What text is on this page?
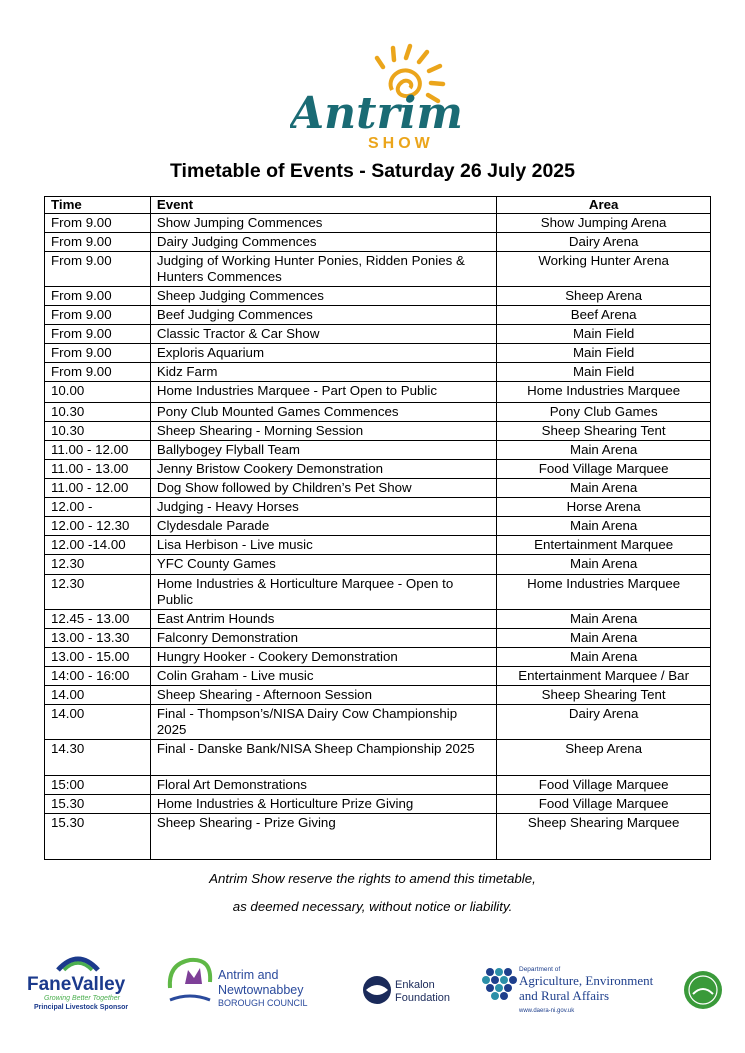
Antrim
SHOW
Timetable of Events - Saturday 26 July 2025
Time	Event	Area
From 9.00	Show Jumping Commences	Show Jumping Arena
From 9.00	Dairy Judging Commences	Dairy Arena
From 9.00	Judging of Working Hunter Ponies, Ridden Ponies & Hunters Commences	Working Hunter Arena
From 9.00	Sheep Judging Commences	Sheep Arena
From 9.00	Beef Judging Commences	Beef Arena
From 9.00	Classic Tractor & Car Show	Main Field
From 9.00	Exploris Aquarium	Main Field
From 9.00	Kidz Farm	Main Field
10.00	Home Industries Marquee - Part Open to Public	Home Industries Marquee
10.30	Pony Club Mounted Games Commences	Pony Club Games
10.30	Sheep Shearing - Morning Session	Sheep Shearing Tent
11.00 - 12.00	Ballybogey Flyball Team	Main Arena
11.00 - 13.00	Jenny Bristow Cookery Demonstration	Food Village Marquee
11.00 - 12.00	Dog Show followed by Children’s Pet Show	Main Arena
12.00 -	Judging - Heavy Horses	Horse Arena
12.00 - 12.30	Clydesdale Parade	Main Arena
12.00 -14.00	Lisa Herbison - Live music	Entertainment Marquee
12.30	YFC County Games	Main Arena
12.30	Home Industries & Horticulture Marquee - Open to Public	Home Industries Marquee
12.45 - 13.00	East Antrim Hounds	Main Arena
13.00 - 13.30	Falconry Demonstration	Main Arena
13.00 - 15.00	Hungry Hooker - Cookery Demonstration	Main Arena
14:00 - 16:00	Colin Graham - Live music	Entertainment Marquee / Bar
14.00	Sheep Shearing - Afternoon Session	Sheep Shearing Tent
14.00	Final - Thompson’s/NISA Dairy Cow Championship 2025	Dairy Arena
14.30	Final - Danske Bank/NISA Sheep Championship 2025	Sheep Arena
15:00	Floral Art Demonstrations	Food Village Marquee
15.30	Home Industries & Horticulture Prize Giving	Food Village Marquee
15.30	Sheep Shearing - Prize Giving	Sheep Shearing Marquee
Antrim Show reserve the rights to amend this timetable,
as deemed necessary, without notice or liability.
FaneValley
Growing Better Together
Principal Livestock Sponsor
Antrim and
Newtownabbey
BOROUGH COUNCIL
Enkalon
Foundation
Department of
Agriculture, Environment
and Rural Affairs
www.daera-ni.gov.uk
